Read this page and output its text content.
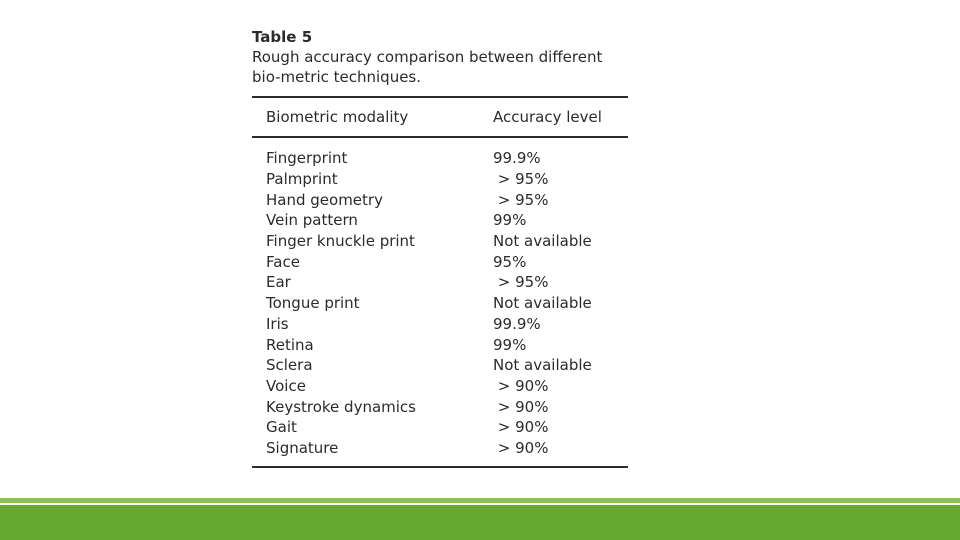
Table 5

Rough accuracy comparison between different bio-metric techniques.

Biometric modality	Accuracy level
Fingerprint	99.9%
Palmprint	> 95%
Hand geometry	> 95%
Vein pattern	99%
Finger knuckle print	Not available
Face	95%
Ear	> 95%
Tongue print	Not available
Iris	99.9%
Retina	99%
Sclera	Not available
Voice	> 90%
Keystroke dynamics	> 90%
Gait	> 90%
Signature	> 90%
